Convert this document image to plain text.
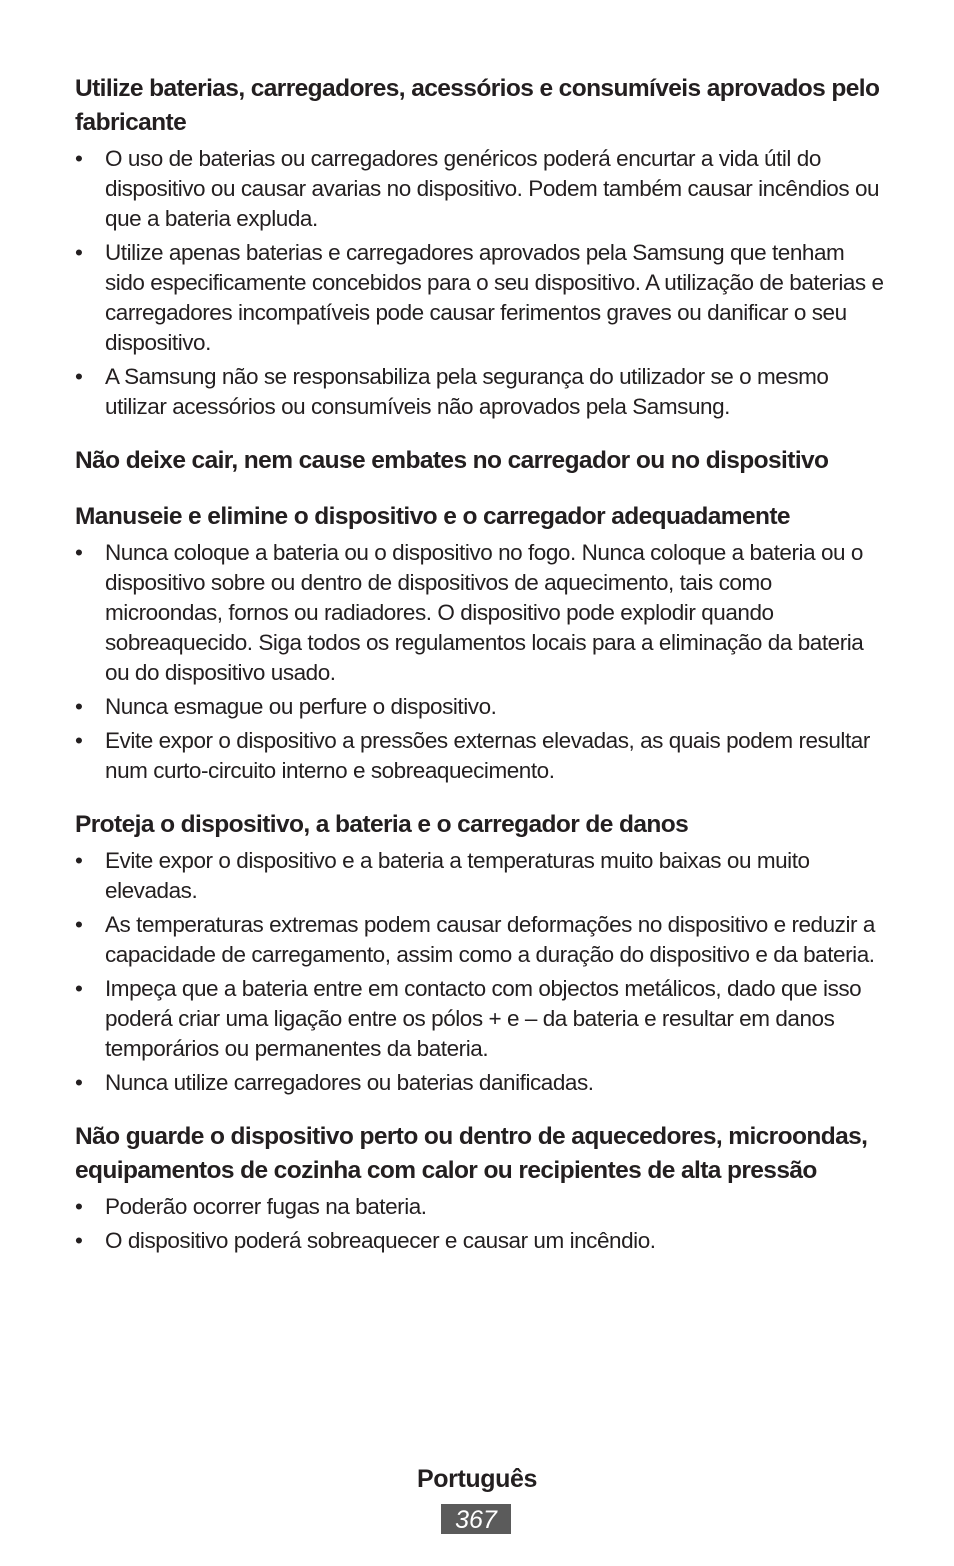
Utilize baterias, carregadores, acessórios e consumíveis aprovados pelo fabricante
• O uso de baterias ou carregadores genéricos poderá encurtar a vida útil do dispositivo ou causar avarias no dispositivo. Podem também causar incêndios ou que a bateria expluda.
• Utilize apenas baterias e carregadores aprovados pela Samsung que tenham sido especificamente concebidos para o seu dispositivo. A utilização de baterias e carregadores incompatíveis pode causar ferimentos graves ou danificar o seu dispositivo.
• A Samsung não se responsabiliza pela segurança do utilizador se o mesmo utilizar acessórios ou consumíveis não aprovados pela Samsung.
Não deixe cair, nem cause embates no carregador ou no dispositivo
Manuseie e elimine o dispositivo e o carregador adequadamente
• Nunca coloque a bateria ou o dispositivo no fogo. Nunca coloque a bateria ou o dispositivo sobre ou dentro de dispositivos de aquecimento, tais como microondas, fornos ou radiadores. O dispositivo pode explodir quando sobreaquecido. Siga todos os regulamentos locais para a eliminação da bateria ou do dispositivo usado.
• Nunca esmague ou perfure o dispositivo.
• Evite expor o dispositivo a pressões externas elevadas, as quais podem resultar num curto-circuito interno e sobreaquecimento.
Proteja o dispositivo, a bateria e o carregador de danos
• Evite expor o dispositivo e a bateria a temperaturas muito baixas ou muito elevadas.
• As temperaturas extremas podem causar deformações no dispositivo e reduzir a capacidade de carregamento, assim como a duração do dispositivo e da bateria.
• Impeça que a bateria entre em contacto com objectos metálicos, dado que isso poderá criar uma ligação entre os pólos + e – da bateria e resultar em danos temporários ou permanentes da bateria.
• Nunca utilize carregadores ou baterias danificadas.
Não guarde o dispositivo perto ou dentro de aquecedores, microondas, equipamentos de cozinha com calor ou recipientes de alta pressão
• Poderão ocorrer fugas na bateria.
• O dispositivo poderá sobreaquecer e causar um incêndio.
Português
367
